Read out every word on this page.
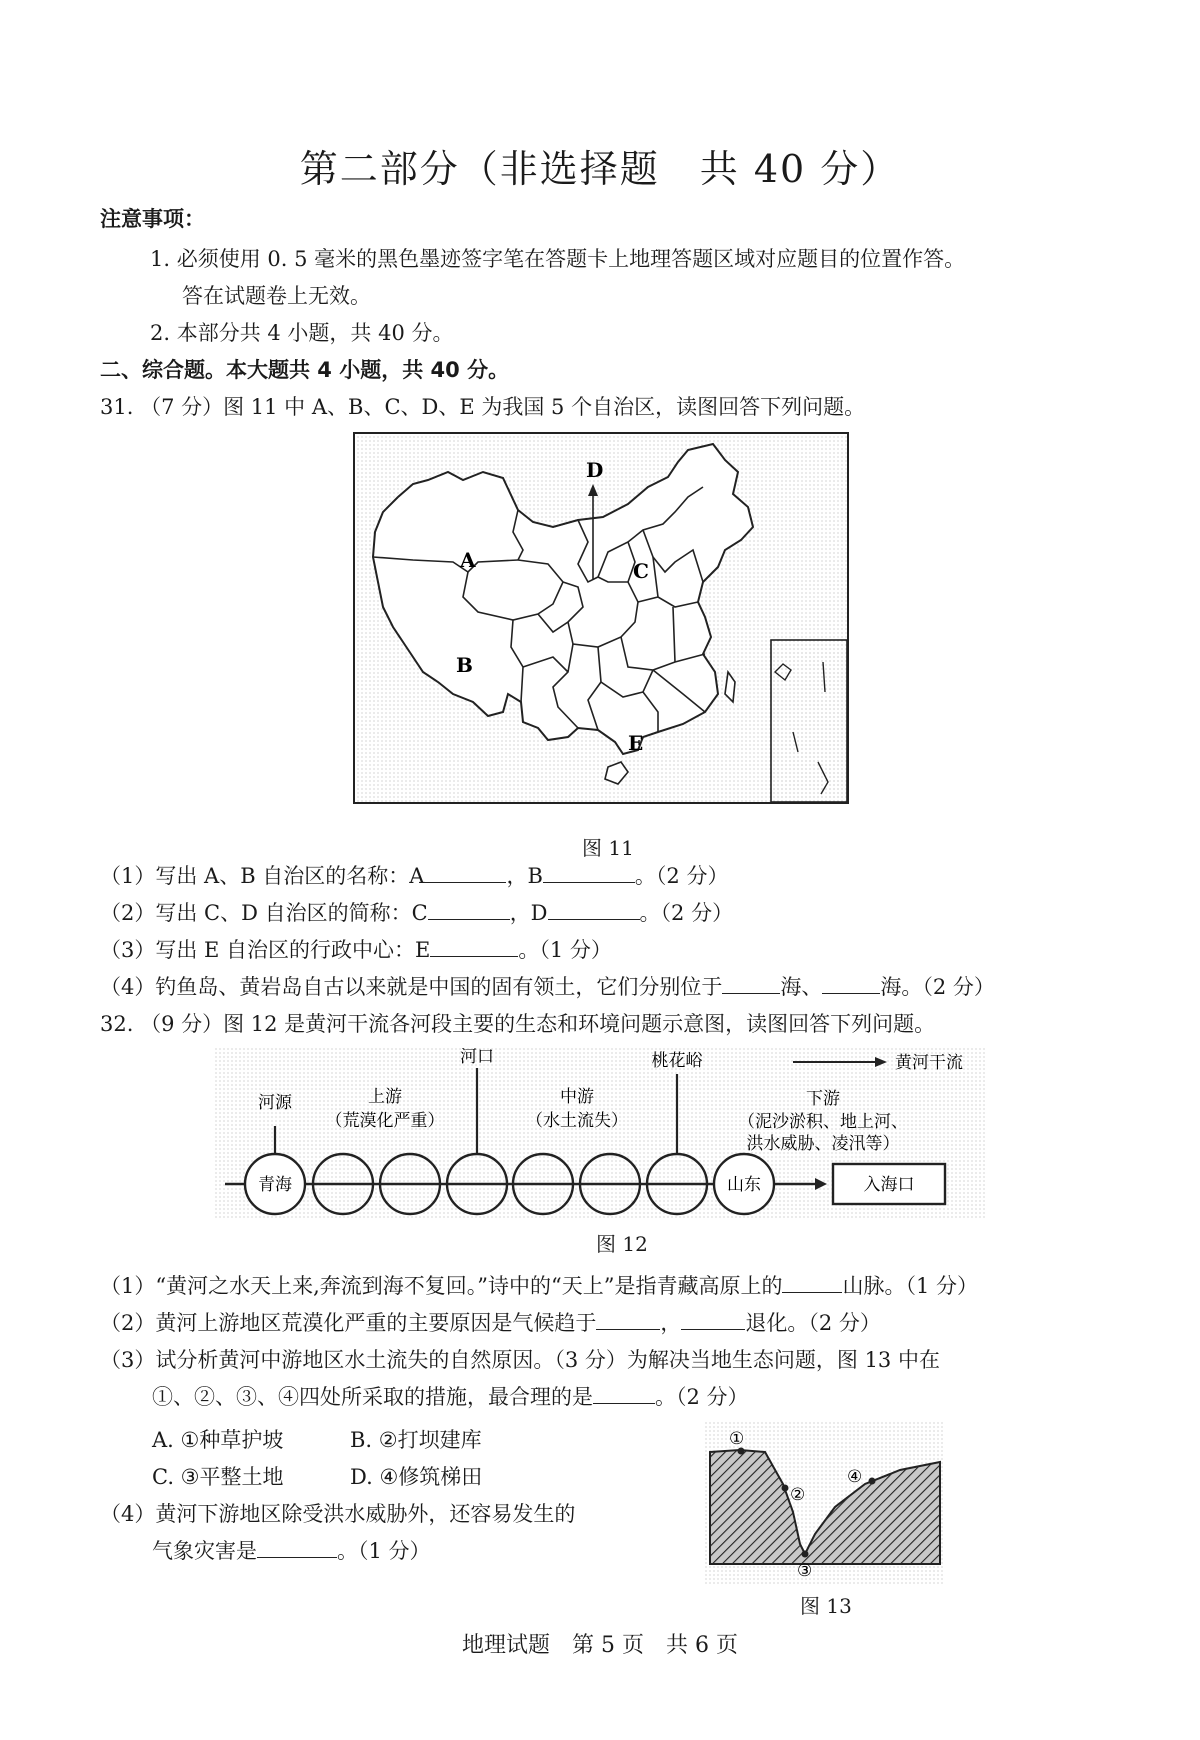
第二部分（非选择题　共 40 分）
注意事项：
1. 必须使用 0. 5 毫米的黑色墨迹签字笔在答题卡上地理答题区域对应题目的位置作答。
答在试题卷上无效。
2. 本部分共 4 小题，共 40 分。
二、综合题。本大题共 4 小题，共 40 分。
31. （7 分）图 11 中 A、B、C、D、E 为我国 5 个自治区，读图回答下列问题。
A
B
C
D
E
图 11
（1）写出 A、B 自治区的名称：A	，B	。（2 分）
（2）写出 C、D 自治区的简称：C	，D	。（2 分）
（3）写出 E 自治区的行政中心：E	。（1 分）
（4）钓鱼岛、黄岩岛自古以来就是中国的固有领土，它们分别位于	海、	海。（2 分）
32. （9 分）图 12 是黄河干流各河段主要的生态和环境问题示意图，读图回答下列问题。
河源	上游
（荒漠化严重）
河口
中游
（水土流失）
桃花峪	黄河干流
下游
（泥沙淤积、地上河、
洪水威胁、凌汛等）
青海	山东	入海口
图 12
（1）“黄河之水天上来,奔流到海不复回。”诗中的“天上”是指青藏高原上的	山脉。（1 分）
（2）黄河上游地区荒漠化严重的主要原因是气候趋于	，	退化。（2 分）
（3）试分析黄河中游地区水土流失的自然原因。（3 分）为解决当地生态问题，图 13 中在
①、②、③、④四处所采取的措施，最合理的是	。（2 分）
A. ①种草护坡	B. ②打坝建库
C. ③平整土地	D. ④修筑梯田
（4）黄河下游地区除受洪水威胁外，还容易发生的
气象灾害是	。（1 分）
①
②
③
④
图 13
地理试题　第 5 页　共 6 页
